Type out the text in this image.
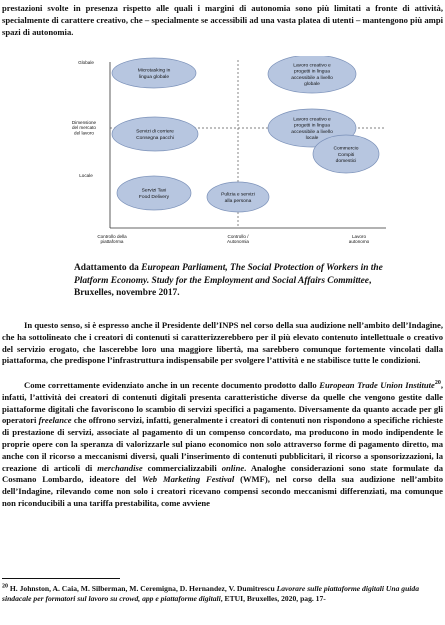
prestazioni svolte in presenza rispetto alle quali i margini di autonomia sono più limitati a fronte di attività, specialmente di carattere creativo, che – specialmente se accessibili ad una vasta platea di utenti – mantengono più ampi spazi di autonomia.

Globale
Dimensione del mercato del lavoro
Locale
Controllo della piattaforma
Controllo / Autonomia
Lavoro autonomo
Microtasking in lingua globale
Lavoro creativo e progetti in lingua accessibile a livello globale
Lavoro creativo e progetti in lingua accessibile a livello locale
Servizi di corriere Consegna pacchi
Servizi Taxi Food Delivery	Pulizia e servizi alla persona
Commercio Compiti domestici

Adattamento da European Parliament, The Social Protection of Workers in the Platform Economy. Study for the Employment and Social Affairs Committee, Bruxelles, novembre 2017.

In questo senso, si è espresso anche il Presidente dell’INPS nel corso della sua audizione nell’ambito dell’Indagine, che ha sottolineato che i creatori di contenuti si caratterizzerebbero per il più elevato contenuto intellettuale o creativo del servizio erogato, che lascerebbe loro una maggiore libertà, ma sarebbero comunque fortemente vincolati dalla piattaforma, che predispone l’infrastruttura indispensabile per svolgere l’attività e ne stabilisce tutte le condizioni.

Come correttamente evidenziato anche in un recente documento prodotto dallo European Trade Union Institute$^{20}$, infatti, l’attività dei creatori di contenuti digitali presenta caratteristiche diverse da quelle che vengono gestite dalle piattaforme digitali che favoriscono lo scambio di servizi specifici a pagamento. Diversamente da quanto accade per gli operatori freelance che offrono servizi, infatti, generalmente i creatori di contenuti non rispondono a specifiche richieste di prestazione di servizi, associate al pagamento di un compenso concordato, ma producono in modo indipendente le proprie opere con la speranza di valorizzarle sul piano economico non solo attraverso forme di pagamento diretto, ma anche con il ricorso a meccanismi diversi, quali l’inserimento di contenuti pubblicitari, il ricorso a sponsorizzazioni, la creazione di articoli di merchandise commercializzabili online. Analoghe considerazioni sono state formulate da Cosmano Lombardo, ideatore del Web Marketing Festival (WMF), nel corso della sua audizione nell’ambito dell’Indagine, rilevando come non solo i creatori ricevano compensi secondo meccanismi differenziati, ma comunque non riconducibili a una tariffa prestabilita, come avviene

$^{20}$ H. Johnston, A. Caia, M. Silberman, M. Ceremigna, D. Hernandez, V. Dumitrescu Lavorare sulle piattaforme digitali Una guida sindacale per formatori sul lavoro su crowd, app e piattaforme digitali, ETUI, Bruxelles, 2020, pag. 17-
